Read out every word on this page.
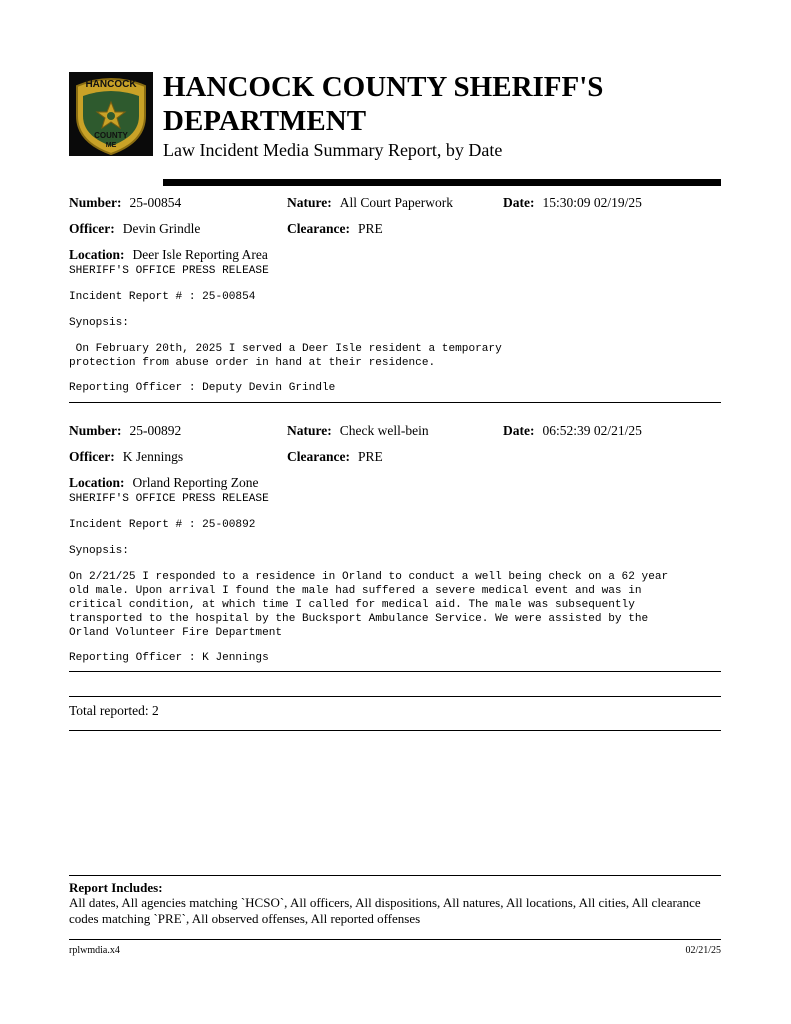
HANCOCK
COUNTY
ME
HANCOCK COUNTY SHERIFF'S
DEPARTMENT
Law Incident Media Summary Report, by Date
Number: 25-00854	Nature: All Court Paperwork	Date: 15:30:09 02/19/25
Officer: Devin Grindle	Clearance: PRE
Location: Deer Isle Reporting Area
SHERIFF'S OFFICE PRESS RELEASE
Incident Report # : 25-00854
Synopsis:
On February 20th, 2025 I served a Deer Isle resident a temporary
protection from abuse order in hand at their residence.
Reporting Officer : Deputy Devin Grindle
Number: 25-00892	Nature: Check well-bein	Date: 06:52:39 02/21/25
Officer: K Jennings	Clearance: PRE
Location: Orland Reporting Zone
SHERIFF'S OFFICE PRESS RELEASE
Incident Report # : 25-00892
Synopsis:
On 2/21/25 I responded to a residence in Orland to conduct a well being check on a 62 year
old male. Upon arrival I found the male had suffered a severe medical event and was in
critical condition, at which time I called for medical aid. The male was subsequently
transported to the hospital by the Bucksport Ambulance Service. We were assisted by the
Orland Volunteer Fire Department
Reporting Officer : K Jennings
Total reported: 2
Report Includes:
All dates, All agencies matching `HCSO`, All officers, All dispositions, All natures, All locations, All cities, All clearance codes matching `PRE`, All observed offenses, All reported offenses
rplwmdia.x4	02/21/25
